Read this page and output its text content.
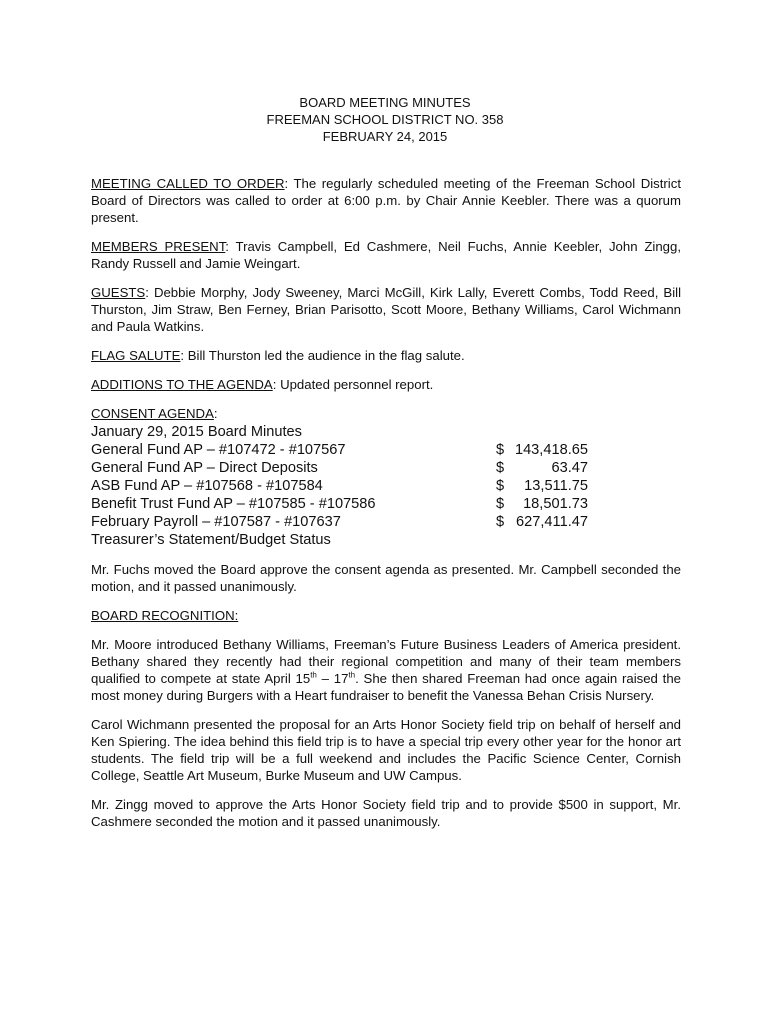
BOARD MEETING MINUTES
FREEMAN SCHOOL DISTRICT NO. 358
FEBRUARY 24, 2015

MEETING CALLED TO ORDER: The regularly scheduled meeting of the Freeman School District Board of Directors was called to order at 6:00 p.m. by Chair Annie Keebler. There was a quorum present.

MEMBERS PRESENT: Travis Campbell, Ed Cashmere, Neil Fuchs, Annie Keebler, John Zingg, Randy Russell and Jamie Weingart.

GUESTS: Debbie Morphy, Jody Sweeney, Marci McGill, Kirk Lally, Everett Combs, Todd Reed, Bill Thurston, Jim Straw, Ben Ferney, Brian Parisotto, Scott Moore, Bethany Williams, Carol Wichmann and Paula Watkins.

FLAG SALUTE: Bill Thurston led the audience in the flag salute.

ADDITIONS TO THE AGENDA: Updated personnel report.

CONSENT AGENDA:
January 29, 2015 Board Minutes
General Fund AP – #107472 - #107567	$ 143,418.65
General Fund AP – Direct Deposits	$	63.47
ASB Fund AP – #107568 - #107584	$	13,511.75
Benefit Trust Fund AP – #107585 - #107586	$	18,501.73
February Payroll – #107587 - #107637	$ 627,411.47
Treasurer’s Statement/Budget Status

Mr. Fuchs moved the Board approve the consent agenda as presented. Mr. Campbell seconded the motion, and it passed unanimously.

BOARD RECOGNITION:

Mr. Moore introduced Bethany Williams, Freeman’s Future Business Leaders of America president. Bethany shared they recently had their regional competition and many of their team members qualified to compete at state April 15th – 17th. She then shared Freeman had once again raised the most money during Burgers with a Heart fundraiser to benefit the Vanessa Behan Crisis Nursery.

Carol Wichmann presented the proposal for an Arts Honor Society field trip on behalf of herself and Ken Spiering. The idea behind this field trip is to have a special trip every other year for the honor art students. The field trip will be a full weekend and includes the Pacific Science Center, Cornish College, Seattle Art Museum, Burke Museum and UW Campus.

Mr. Zingg moved to approve the Arts Honor Society field trip and to provide $500 in support, Mr. Cashmere seconded the motion and it passed unanimously.
